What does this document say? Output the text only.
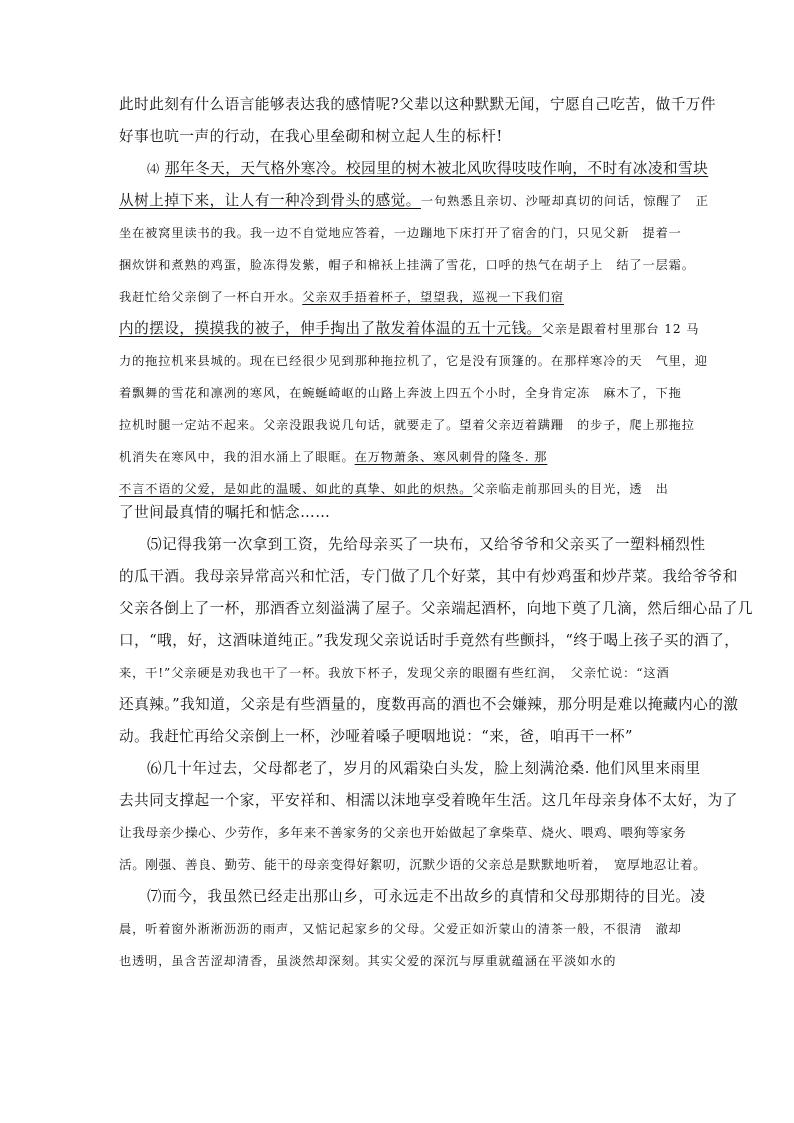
此时此刻有什么语言能够表达我的感情呢?父辈以这种默默无闻，宁愿自己吃苦，做千万件
好事也吭一声的行动，在我心里垒砌和树立起人生的标杆!
⑷ 那年冬天，天气格外寒冷。校园里的树木被北风吹得吱吱作响，不时有冰凌和雪块
从树上掉下来，让人有一种冷到骨头的感觉。一句熟悉且亲切、沙哑却真切的问话，惊醒了　正
坐在被窝里读书的我。我一边不自觉地应答着，一边蹦地下床打开了宿舍的门，只见父新　提着一
捆炊饼和煮熟的鸡蛋，脸冻得发紫，帽子和棉袄上挂满了雪花，口呼的热气在胡子上　结了一层霜。
我赶忙给父亲倒了一杯白开水。父亲双手捂着杯子，望望我，巡视一下我们宿
内的摆设，摸摸我的被子，伸手掏出了散发着体温的五十元钱。父亲是跟着村里那台 12 马
力的拖拉机来县城的。现在已经很少见到那种拖拉机了，它是没有顶篷的。在那样寒冷的天　气里，迎
着飘舞的雪花和凛冽的寒风，在蜿蜒崎岖的山路上奔波上四五个小时，全身肯定冻　麻木了，下拖
拉机时腿一定站不起来。父亲没跟我说几句话，就要走了。望着父亲迈着蹒跚　的步子，爬上那拖拉
机消失在寒风中，我的泪水涌上了眼眶。在万物萧条、寒风刺骨的隆冬. 那
不言不语的父爱，是如此的温暖、如此的真挚、如此的炽热。父亲临走前那回头的目光，透　出
了世间最真情的嘱托和惦念……
⑸记得我第一次拿到工资，先给母亲买了一块布，又给爷爷和父亲买了一塑料桶烈性
的瓜干酒。我母亲异常高兴和忙活，专门做了几个好菜，其中有炒鸡蛋和炒芹菜。我给爷爷和
父亲各倒上了一杯，那酒香立刻溢满了屋子。父亲端起酒杯，向地下奠了几滴，然后细心品了几
口，“哦，好，这酒味道纯正。”我发现父亲说话时手竟然有些颤抖，“终于喝上孩子买的酒了，
来，干!”父亲硬是劝我也干了一杯。我放下杯子，发现父亲的眼圈有些红润，　父亲忙说：“这酒
还真辣。”我知道，父亲是有些酒量的，度数再高的酒也不会嫌辣，那分明是难以掩藏内心的激
动。我赶忙再给父亲倒上一杯，沙哑着嗓子哽咽地说：“来，爸，咱再干一杯”
⑹几十年过去，父母都老了，岁月的风霜染白头发，脸上刻满沧桑. 他们风里来雨里
去共同支撑起一个家，平安祥和、相濡以沫地享受着晚年生活。这几年母亲身体不太好，为了
让我母亲少操心、少劳作，多年来不善家务的父亲也开始做起了拿柴草、烧火、喂鸡、喂狗等家务
活。刚强、善良、勤劳、能干的母亲变得好絮叨，沉默少语的父亲总是默默地听着，　宽厚地忍让着。
⑺而今，我虽然已经走出那山乡，可永远走不出故乡的真情和父母那期待的目光。凌
晨，听着窗外淅淅沥沥的雨声，又惦记起家乡的父母。父爱正如沂蒙山的清茶一般，不很清　澈却
也透明，虽含苦涩却清香，虽淡然却深刻。其实父爱的深沉与厚重就蕴涵在平淡如水的
